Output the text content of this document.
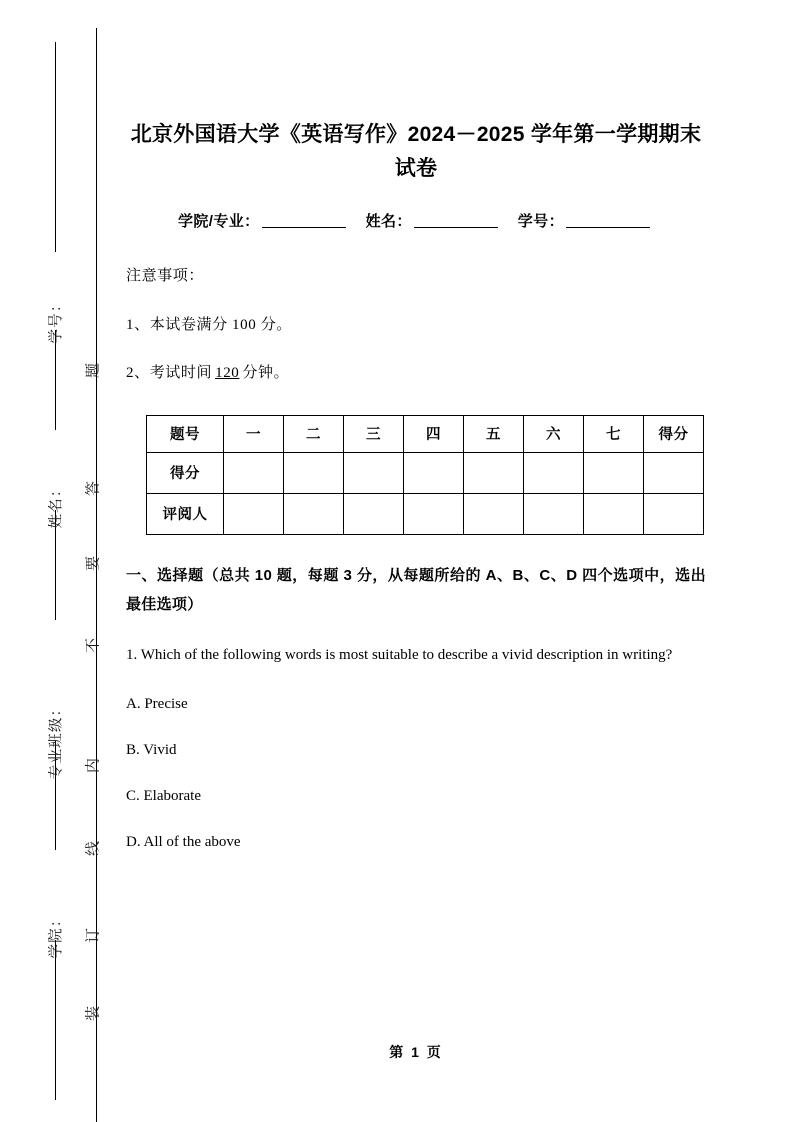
学号：
姓名：
专业班级：
学院：
题
答
要
不
内
线
订
装
北京外国语大学《英语写作》2024－2025 学年第一学期期末试卷
学院/专业：	姓名：	学号：

注意事项：

1、本试卷满分 100 分。

2、考试时间 120 分钟。

题号	一	二	三	四	五	六	七	得分
得分								
评阅人								

一、选择题（总共 10 题，每题 3 分，从每题所给的 A、B、C、D 四个选项中，选出最佳选项）

1. Which of the following words is most suitable to describe a vivid description in writing?

A. Precise

B. Vivid

C. Elaborate

D. All of the above

第 1 页
